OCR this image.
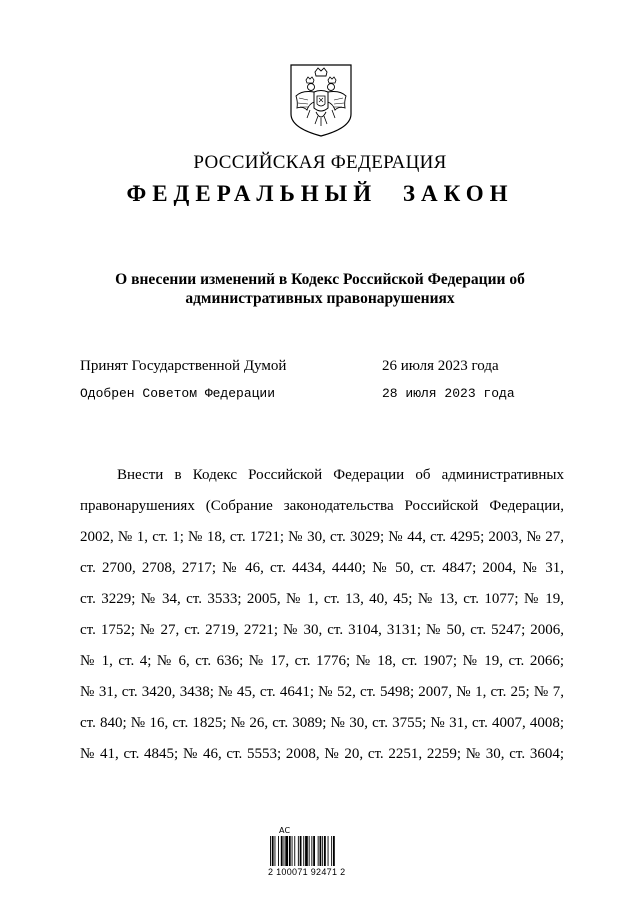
РОССИЙСКАЯ ФЕДЕРАЦИЯ
ФЕДЕРАЛЬНЫЙ ЗАКОН
О внесении изменений в Кодекс Российской Федерации об
административных правонарушениях
Принят Государственной Думой	26 июля 2023 года
Одобрен Советом Федерации	28 июля 2023 года
Внести в Кодекс Российской Федерации об административных
правонарушениях (Собрание законодательства Российской Федерации,
2002, № 1, ст. 1; № 18, ст. 1721; № 30, ст. 3029; № 44, ст. 4295; 2003, № 27,
ст. 2700, 2708, 2717; № 46, ст. 4434, 4440; № 50, ст. 4847; 2004, № 31,
ст. 3229; № 34, ст. 3533; 2005, № 1, ст. 13, 40, 45; № 13, ст. 1077; № 19,
ст. 1752; № 27, ст. 2719, 2721; № 30, ст. 3104, 3131; № 50, ст. 5247; 2006,
№ 1, ст. 4; № 6, ст. 636; № 17, ст. 1776; № 18, ст. 1907; № 19, ст. 2066;
№ 31, ст. 3420, 3438; № 45, ст. 4641; № 52, ст. 5498; 2007, № 1, ст. 25; № 7,
ст. 840; № 16, ст. 1825; № 26, ст. 3089; № 30, ст. 3755; № 31, ст. 4007, 4008;
№ 41, ст. 4845; № 46, ст. 5553; 2008, № 20, ст. 2251, 2259; № 30, ст. 3604;
АС
2 100071 92471 2
